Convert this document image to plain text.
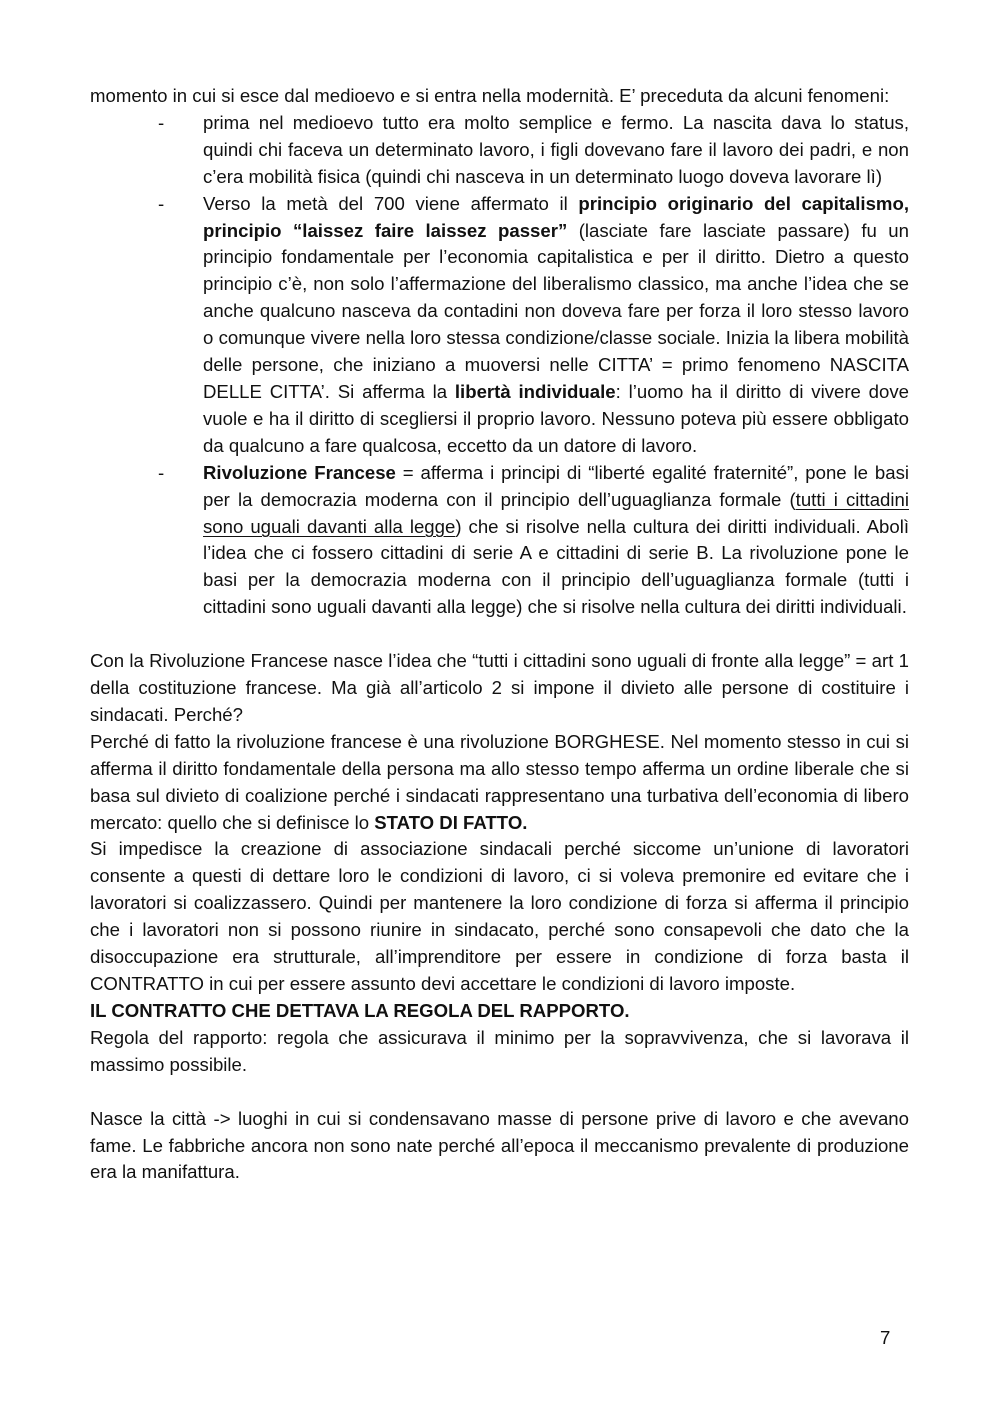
momento in cui si esce dal medioevo e si entra nella modernità. E’ preceduta da alcuni fenomeni:

- prima nel medioevo tutto era molto semplice e fermo. La nascita dava lo status, quindi chi faceva un determinato lavoro, i figli dovevano fare il lavoro dei padri, e non c’era mobilità fisica (quindi chi nasceva in un determinato luogo doveva lavorare lì)
- Verso la metà del 700 viene affermato il principio originario del capitalismo, principio “laissez faire laissez passer” (lasciate fare lasciate passare) fu un principio fondamentale per l’economia capitalistica e per il diritto. Dietro a questo principio c’è, non solo l’affermazione del liberalismo classico, ma anche l’idea che se anche qualcuno nasceva da contadini non doveva fare per forza il loro stesso lavoro o comunque vivere nella loro stessa condizione/classe sociale. Inizia la libera mobilità delle persone, che iniziano a muoversi nelle CITTA’ = primo fenomeno NASCITA DELLE CITTA’. Si afferma la libertà individuale: l’uomo ha il diritto di vivere dove vuole e ha il diritto di scegliersi il proprio lavoro. Nessuno poteva più essere obbligato da qualcuno a fare qualcosa, eccetto da un datore di lavoro.
- Rivoluzione Francese = afferma i principi di “liberté egalité fraternité”, pone le basi per la democrazia moderna con il principio dell’uguaglianza formale (tutti i cittadini sono uguali davanti alla legge) che si risolve nella cultura dei diritti individuali. Abolì l’idea che ci fossero cittadini di serie A e cittadini di serie B. La rivoluzione pone le basi per la democrazia moderna con il principio dell’uguaglianza formale (tutti i cittadini sono uguali davanti alla legge) che si risolve nella cultura dei diritti individuali.

Con la Rivoluzione Francese nasce l’idea che “tutti i cittadini sono uguali di fronte alla legge” = art 1 della costituzione francese. Ma già all’articolo 2 si impone il divieto alle persone di costituire i sindacati. Perché?

Perché di fatto la rivoluzione francese è una rivoluzione BORGHESE. Nel momento stesso in cui si afferma il diritto fondamentale della persona ma allo stesso tempo afferma un ordine liberale che si basa sul divieto di coalizione perché i sindacati rappresentano una turbativa dell’economia di libero mercato: quello che si definisce lo STATO DI FATTO.

Si impedisce la creazione di associazione sindacali perché siccome un’unione di lavoratori consente a questi di dettare loro le condizioni di lavoro, ci si voleva premonire ed evitare che i lavoratori si coalizzassero. Quindi per mantenere la loro condizione di forza si afferma il principio che i lavoratori non si possono riunire in sindacato, perché sono consapevoli che dato che la disoccupazione era strutturale, all’imprenditore per essere in condizione di forza basta il CONTRATTO in cui per essere assunto devi accettare le condizioni di lavoro imposte.

IL CONTRATTO CHE DETTAVA LA REGOLA DEL RAPPORTO.

Regola del rapporto: regola che assicurava il minimo per la sopravvivenza, che si lavorava il massimo possibile.

Nasce la città -> luoghi in cui si condensavano masse di persone prive di lavoro e che avevano fame. Le fabbriche ancora non sono nate perché all’epoca il meccanismo prevalente di produzione era la manifattura.

7
